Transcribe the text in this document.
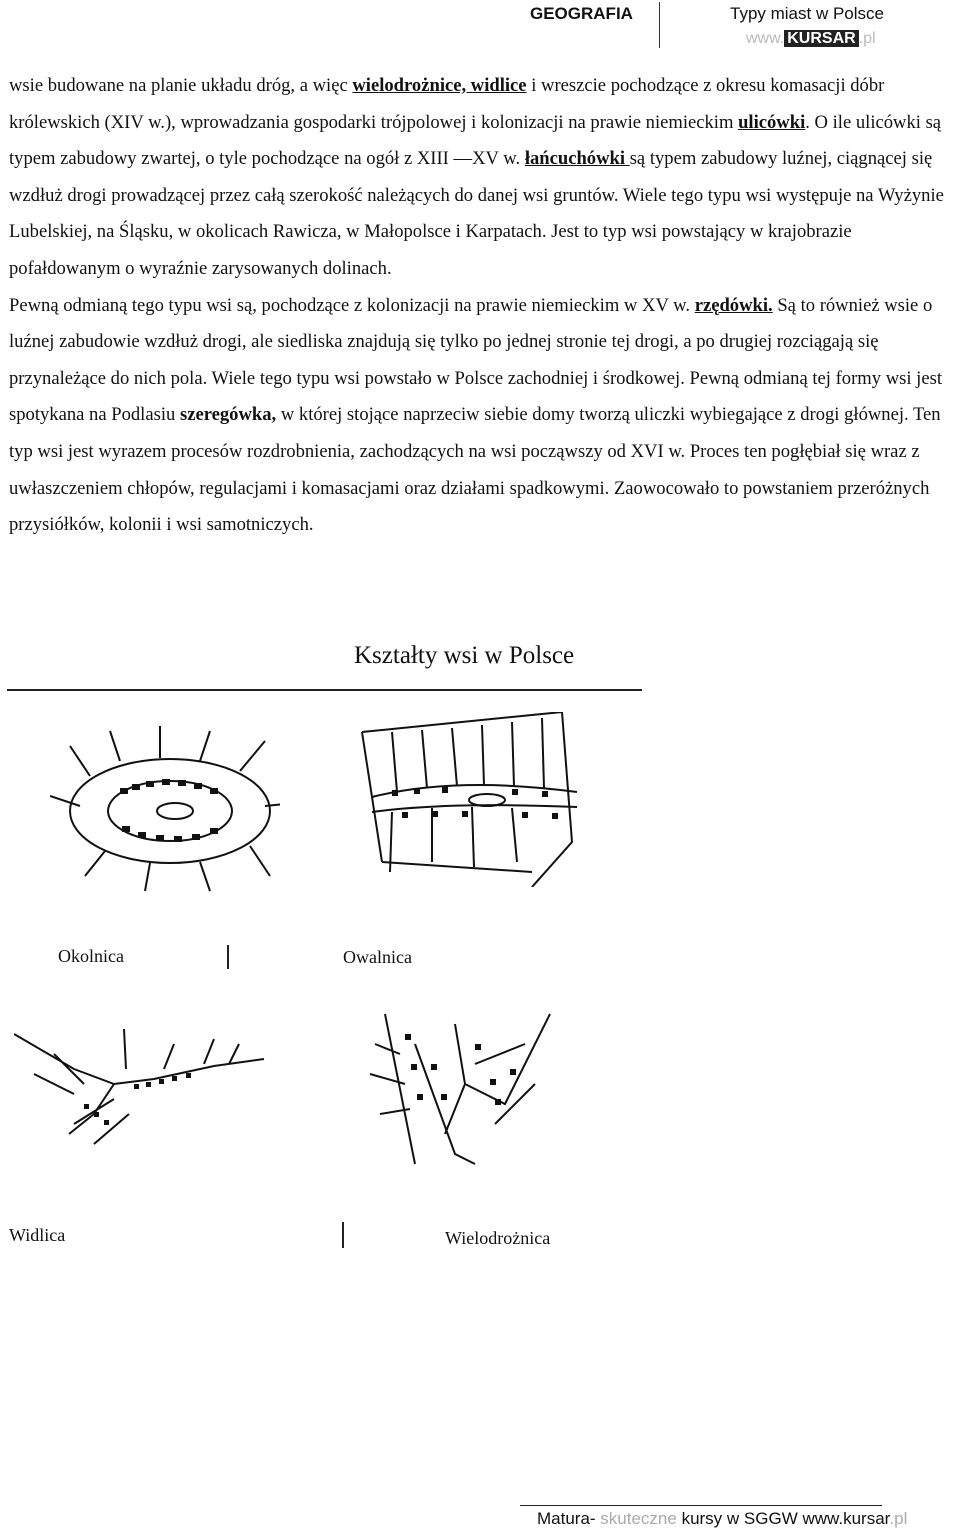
GEOGRAFIA	Typy miast w Polsce
www. KURSAR .pl

wsie budowane na planie układu dróg, a więc wielodrożnice, widlice i wreszcie pochodzące z okresu komasacji dóbr królewskich (XIV w.), wprowadzania gospodarki trójpolowej i kolonizacji na prawie niemieckim ulicówki. O ile ulicówki są typem zabudowy zwartej, o tyle pochodzące na ogół z XIII —XV w. łańcuchówki są typem zabudowy luźnej, ciągnącej się wzdłuż drogi prowadzącej przez całą szerokość należących do danej wsi gruntów. Wiele tego typu wsi występuje na Wyżynie Lubelskiej, na Śląsku, w okolicach Rawicza, w Małopolsce i Karpatach. Jest to typ wsi powstający w krajobrazie pofałdowanym o wyraźnie zarysowanych dolinach.

Pewną odmianą tego typu wsi są, pochodzące z kolonizacji na prawie niemieckim w XV w. rzędówki. Są to również wsie o luźnej zabudowie wzdłuż drogi, ale siedliska znajdują się tylko po jednej stronie tej drogi, a po drugiej rozciągają się przynależące do nich pola. Wiele tego typu wsi powstało w Polsce zachodniej i środkowej. Pewną odmianą tej formy wsi jest spotykana na Podlasiu szeregówka, w której stojące naprzeciw siebie domy tworzą uliczki wybiegające z drogi głównej. Ten typ wsi jest wyrazem procesów rozdrobnienia, zachodzących na wsi począwszy od XVI w. Proces ten pogłębiał się wraz z uwłaszczeniem chłopów, regulacjami i komasacjami oraz działami spadkowymi. Zaowocowało to powstaniem przeróżnych przysiółków, kolonii i wsi samotniczych.

Kształty wsi w Polsce
Okolnica	Owalnica
Widlica	Wielodrożnica
Matura- skuteczne kursy w SGGW www.kursar.pl
